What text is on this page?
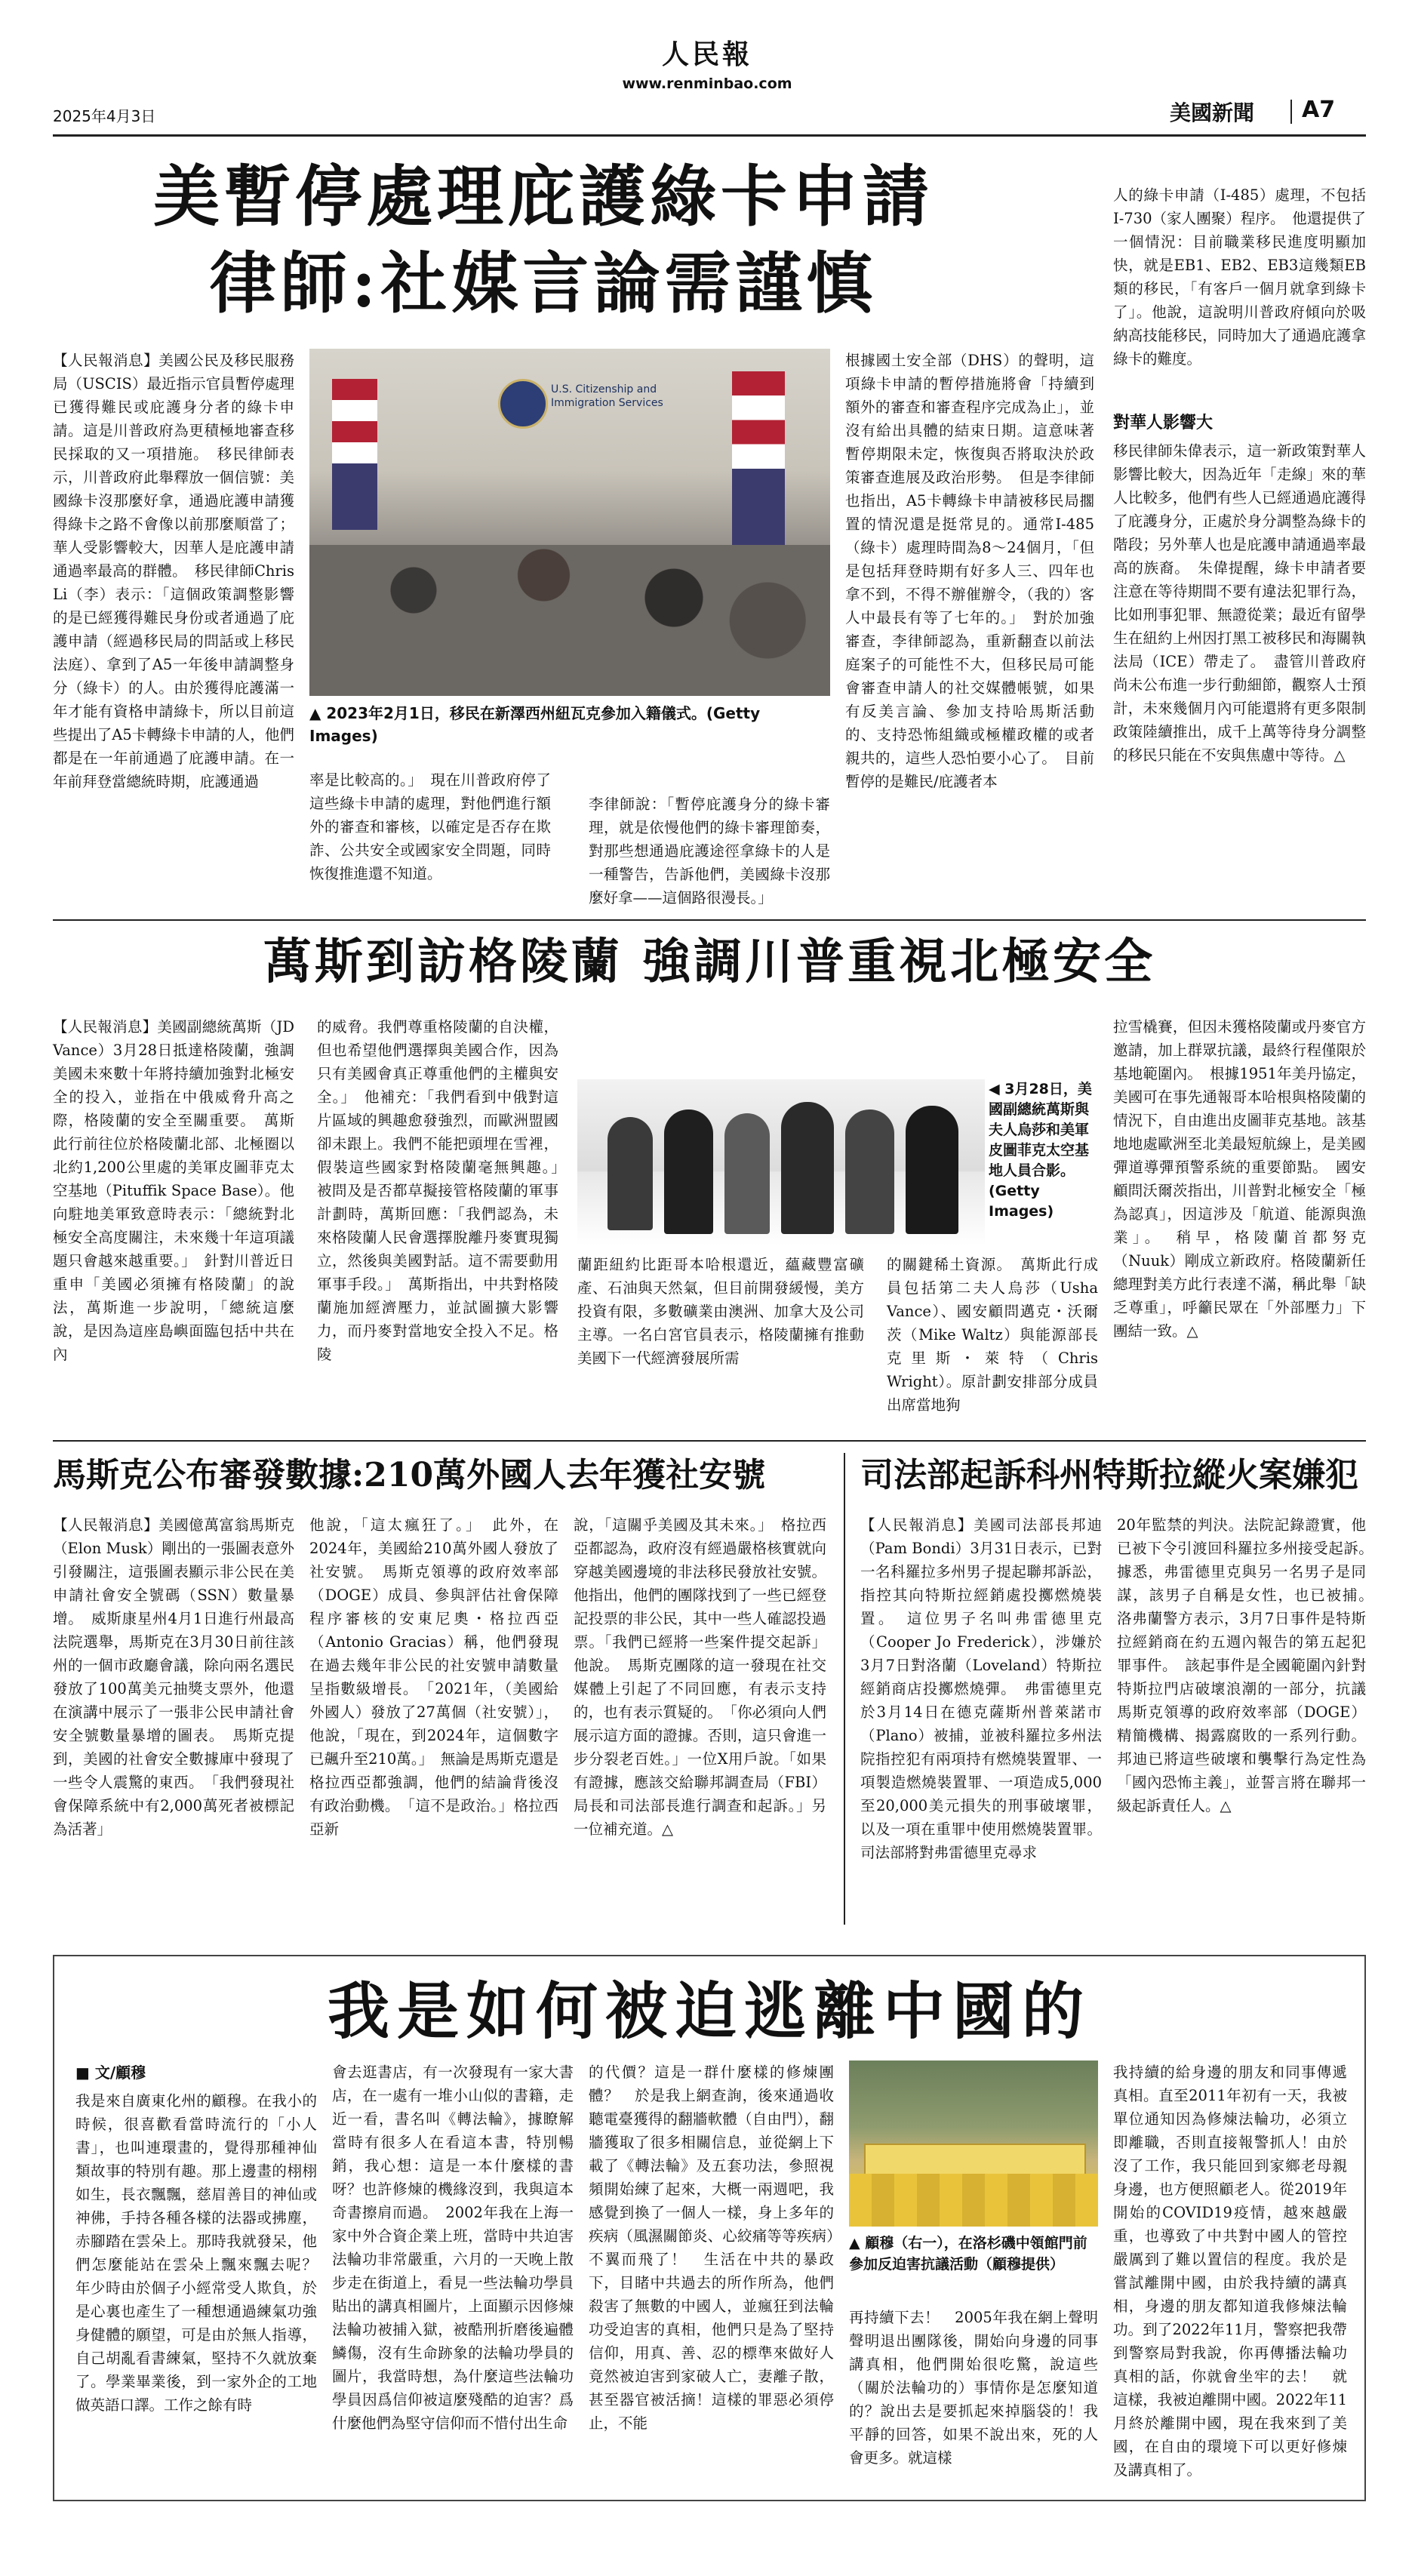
人民報
www.renminbao.com
2025年4月3日	美國新聞 A7
美暫停處理庇護綠卡申請
律師:社媒言論需謹慎

【人民報消息】美國公民及移民服務局（USCIS）最近指示官員暫停處理已獲得難民或庇護身分者的綠卡申請。這是川普政府為更積極地審查移民採取的又一項措施。　移民律師表示，川普政府此舉釋放一個信號：美國綠卡沒那麼好拿，通過庇護申請獲得綠卡之路不會像以前那麼順當了；華人受影響較大，因華人是庇護申請通過率最高的群體。　移民律師Chris Li（李）表示：「這個政策調整影響的是已經獲得難民身份或者通過了庇護申請（經過移民局的問話或上移民法庭）、拿到了A5一年後申請調整身分（綠卡）的人。由於獲得庇護滿一年才能有資格申請綠卡，所以目前這些提出了A5卡轉綠卡申請的人，他們都是在一年前通過了庇護申請。在一年前拜登當總統時期，庇護通過

U.S. Citizenship and Immigration Services
▲ 2023年2月1日，移民在新澤西州紐瓦克參加入籍儀式。(Getty Images)

率是比較高的。」　現在川普政府停了這些綠卡申請的處理，對他們進行額外的審查和審核，以確定是否存在欺詐、公共安全或國家安全問題，同時恢復推進還不知道。

李律師說：「暫停庇護身分的綠卡審理，就是依慢他們的綠卡審理節奏，對那些想通過庇護途徑拿綠卡的人是一種警告，告訴他們，美國綠卡沒那麼好拿——這個路很漫長。」

根據國土安全部（DHS）的聲明，這項綠卡申請的暫停措施將會「持續到額外的審查和審查程序完成為止」，並沒有給出具體的結束日期。這意味著暫停期限未定，恢復與否將取決於政策審查進展及政治形勢。　但是李律師也指出，A5卡轉綠卡申請被移民局擱置的情況還是挺常見的。通常I-485（綠卡）處理時間為8～24個月，「但是包括拜登時期有好多人三、四年也拿不到，不得不辦催辦令，（我的）客人中最長有等了七年的。」　對於加強審查，李律師認為，重新翻查以前法庭案子的可能性不大，但移民局可能會審查申請人的社交媒體帳號，如果有反美言論、參加支持哈馬斯活動的、支持恐怖組織或極權政權的或者親共的，這些人恐怕要小心了。　目前暫停的是難民/庇護者本

人的綠卡申請（I-485）處理，不包括I-730（家人團聚）程序。　他還提供了一個情況：目前職業移民進度明顯加快，就是EB1、EB2、EB3這幾類EB類的移民，「有客戶一個月就拿到綠卡了」。他說，這說明川普政府傾向於吸納高技能移民，同時加大了通過庇護拿綠卡的難度。

對華人影響大

移民律師朱偉表示，這一新政策對華人影響比較大，因為近年「走線」來的華人比較多，他們有些人已經通過庇護得了庇護身分，正處於身分調整為綠卡的階段；另外華人也是庇護申請通過率最高的族裔。　朱偉提醒，綠卡申請者要注意在等待期間不要有違法犯罪行為，比如刑事犯罪、無證從業；最近有留學生在紐約上州因打黑工被移民和海關執法局（ICE）帶走了。　盡管川普政府尚未公布進一步行動細節，觀察人士預計，未來幾個月內可能還將有更多限制政策陸續推出，成千上萬等待身分調整的移民只能在不安與焦慮中等待。△

萬斯到訪格陵蘭 強調川普重視北極安全

【人民報消息】美國副總統萬斯（JD Vance）3月28日抵達格陵蘭，強調美國未來數十年將持續加強對北極安全的投入，並指在中俄威脅升高之際，格陵蘭的安全至關重要。　萬斯此行前往位於格陵蘭北部、北極圈以北約1,200公里處的美軍皮圖菲克太空基地（Pituffik Space Base）。他向駐地美軍致意時表示：「總統對北極安全高度關注，未來幾十年這項議題只會越來越重要。」　針對川普近日重申「美國必須擁有格陵蘭」的說法，萬斯進一步說明，「總統這麼說，是因為這座島嶼面臨包括中共在內

的威脅。我們尊重格陵蘭的自決權，但也希望他們選擇與美國合作，因為只有美國會真正尊重他們的主權與安全。」　他補充：「我們看到中俄對這片區域的興趣愈發強烈，而歐洲盟國卻未跟上。我們不能把頭埋在雪裡，假裝這些國家對格陵蘭毫無興趣。」　被問及是否都草擬接管格陵蘭的軍事計劃時，萬斯回應：「我們認為，未來格陵蘭人民會選擇脫離丹麥實現獨立，然後與美國對話。這不需要動用軍事手段。」　萬斯指出，中共對格陵蘭施加經濟壓力，並試圖擴大影響力，而丹麥對當地安全投入不足。格陵

蘭距紐約比距哥本哈根還近，蘊藏豐富礦產、石油與天然氣，但目前開發緩慢，美方投資有限，多數礦業由澳洲、加拿大及公司主導。一名白宮官員表示，格陵蘭擁有推動美國下一代經濟發展所需

◀ 3月28日，美國副總統萬斯與夫人烏莎和美軍皮圖菲克太空基地人員合影。(Getty Images)

的關鍵稀土資源。　萬斯此行成員包括第二夫人烏莎（Usha Vance）、國安顧問邁克・沃爾茨（Mike Waltz）與能源部長克里斯・萊特（Chris Wright）。原計劃安排部分成員出席當地狗

拉雪橇賽，但因未獲格陵蘭或丹麥官方邀請，加上群眾抗議，最終行程僅限於基地範圍內。　根據1951年美丹協定，美國可在事先通報哥本哈根與格陵蘭的情況下，自由進出皮圖菲克基地。該基地地處歐洲至北美最短航線上，是美國彈道導彈預警系統的重要節點。　國安顧問沃爾茨指出，川普對北極安全「極為認真」，因這涉及「航道、能源與漁業」。　稍早，格陵蘭首都努克（Nuuk）剛成立新政府。格陵蘭新任總理對美方此行表達不滿，稱此舉「缺乏尊重」，呼籲民眾在「外部壓力」下團結一致。△

馬斯克公布審發數據:210萬外國人去年獲社安號

【人民報消息】美國億萬富翁馬斯克（Elon Musk）剛出的一張圖表意外引發關注，這張圖表顯示非公民在美申請社會安全號碼（SSN）數量暴增。　威斯康星州4月1日進行州最高法院選舉，馬斯克在3月30日前往該州的一個市政廳會議，除向兩名選民發放了100萬美元抽獎支票外，他還在演講中展示了一張非公民申請社會安全號數量暴增的圖表。　馬斯克提到，美國的社會安全數據庫中發現了一些令人震驚的東西。　「我們發現社會保障系統中有2,000萬死者被標記為活著」

他說，「這太瘋狂了。」　此外，在2024年，美國給210萬外國人發放了社安號。　馬斯克領導的政府效率部（DOGE）成員、參與評估社會保障程序審核的安東尼奧・格拉西亞（Antonio Gracias）稱，他們發現在過去幾年非公民的社安號申請數量呈指數級增長。　「2021年，（美國給外國人）發放了27萬個（社安號）」，他說，「現在，到2024年，這個數字已飆升至210萬。」　無論是馬斯克還是格拉西亞都強調，他們的結論背後沒有政治動機。　「這不是政治。」格拉西亞新

說，「這關乎美國及其未來。」　格拉西亞都認為，政府沒有經過嚴格核實就向穿越美國邊境的非法移民發放社安號。他指出，他們的團隊找到了一些已經登記投票的非公民，其中一些人確認投過票。「我們已經將一些案件提交起訴」他說。　馬斯克團隊的這一發現在社交媒體上引起了不同回應，有表示支持的，也有表示質疑的。　「你必須向人們展示這方面的證據。否則，這只會進一步分裂老百姓。」一位X用戶說。「如果有證據，應該交給聯邦調查局（FBI）局長和司法部長進行調查和起訴。」另一位補充道。△

司法部起訴科州特斯拉縱火案嫌犯

【人民報消息】美國司法部長邦迪（Pam Bondi）3月31日表示，已對一名科羅拉多州男子提起聯邦訴訟，指控其向特斯拉經銷處投擲燃燒裝置。　這位男子名叫弗雷德里克（Cooper Jo Frederick），涉嫌於3月7日對洛蘭（Loveland）特斯拉經銷商店投擲燃燒彈。　弗雷德里克於3月14日在德克薩斯州普萊諾市（Plano）被捕，並被科羅拉多州法院指控犯有兩項持有燃燒裝置罪、一項製造燃燒裝置罪、一項造成5,000至20,000美元損失的刑事破壞罪，以及一項在重罪中使用燃燒裝置罪。司法部將對弗雷德里克尋求

20年監禁的判決。法院記錄證實，他已被下令引渡回科羅拉多州接受起訴。　據悉，弗雷德里克與另一名男子是同謀，該男子自稱是女性，也已被捕。　洛弗蘭警方表示，3月7日事件是特斯拉經銷商在約五週內報告的第五起犯罪事件。　該起事件是全國範圍內針對特斯拉門店破壞浪潮的一部分，抗議馬斯克領導的政府效率部（DOGE）精簡機構、揭露腐敗的一系列行動。邦迪已將這些破壞和襲擊行為定性為「國內恐怖主義」，並誓言將在聯邦一級起訴責任人。△

我是如何被迫逃離中國的
■ 文/顧穆

我是來自廣東化州的顧穆。在我小的時候，很喜歡看當時流行的「小人書」，也叫連環畫的，覺得那種神仙類故事的特別有趣。那上邊畫的栩栩如生，長衣飄飄，慈眉善目的神仙或神佛，手持各種各樣的法器或拂塵，赤腳踏在雲朵上。那時我就發呆，他們怎麼能站在雲朵上飄來飄去呢？　年少時由於個子小經常受人欺負，於是心裏也產生了一種想通過練氣功強身健體的願望，可是由於無人指導，自己胡亂看書練氣，堅持不久就放棄了。學業畢業後，到一家外企的工地做英語口譯。工作之餘有時

會去逛書店，有一次發現有一家大書店，在一處有一堆小山似的書籍，走近一看，書名叫《轉法輪》，據瞭解當時有很多人在看這本書，特別暢銷，我心想：這是一本什麼樣的書呀？也許修煉的機緣沒到，我與這本奇書擦肩而過。　2002年我在上海一家中外合資企業上班，當時中共迫害法輪功非常嚴重，六月的一天晚上散步走在街道上，看見一些法輪功學員貼出的講真相圖片，上面顯示因修煉法輪功被捕入獄，被酷刑折磨後遍體鱗傷，沒有生命跡象的法輪功學員的圖片，我當時想，為什麼這些法輪功學員因爲信仰被這麼殘酷的迫害？爲什麼他們為堅守信仰而不惜付出生命

的代價？這是一群什麼樣的修煉團體？　於是我上網查詢，後來通過收聽電臺獲得的翻牆軟體（自由門），翻牆獲取了很多相關信息，並從網上下載了《轉法輪》及五套功法，參照視頻開始練了起來，大概一兩週吧，我感覺到換了一個人一樣，身上多年的疾病（風濕關節炎、心絞痛等等疾病）不翼而飛了！　生活在中共的暴政下，目睹中共過去的所作所為，他們殺害了無數的中國人，並瘋狂到法輪功受迫害的真相，他們只是為了堅持信仰，用真、善、忍的標準來做好人竟然被迫害到家破人亡，妻離子散，甚至器官被活摘！這樣的罪惡必須停止，不能

▲ 顧穆（右一），在洛杉磯中領館門前參加反迫害抗議活動（顧穆提供）

再持續下去！　2005年我在網上聲明聲明退出團隊後，開始向身邊的同事講真相，他們開始很吃驚，說這些（關於法輪功的）事情你是怎麼知道的？說出去是要抓起來掉腦袋的！我平靜的回答，如果不說出來，死的人會更多。就這樣

我持續的給身邊的朋友和同事傳遞真相。直至2011年初有一天，我被單位通知因為修煉法輪功，必須立即離職，否則直接報警抓人！由於沒了工作，我只能回到家鄉老母親身邊，也方便照顧老人。從2019年開始的COVID19疫情，越來越嚴重，也導致了中共對中國人的管控嚴厲到了難以置信的程度。我於是嘗試離開中國，由於我持續的講真相，身邊的朋友都知道我修煉法輪功。到了2022年11月，警察把我帶到警察局對我說，你再傳播法輪功真相的話，你就會坐牢的去！　就這樣，我被迫離開中國。2022年11月終於離開中國，現在我來到了美國，在自由的環境下可以更好修煉及講真相了。
